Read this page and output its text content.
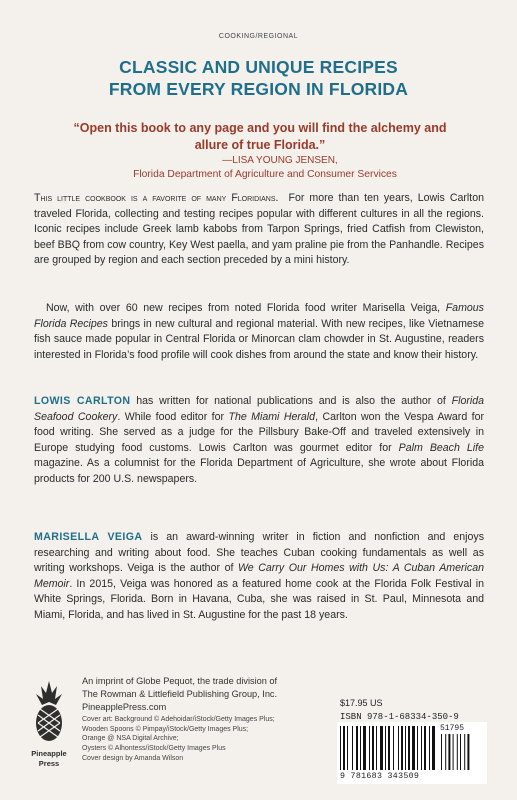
COOKING/REGIONAL
CLASSIC AND UNIQUE RECIPES
FROM EVERY REGION IN FLORIDA
“Open this book to any page and you will find the alchemy and allure of true Florida.”
—LISA YOUNG JENSEN,
Florida Department of Agriculture and Consumer Services
This little cookbook is a favorite of many Floridians. For more than ten years, Lowis Carlton traveled Florida, collecting and testing recipes popular with different cultures in all the regions. Iconic recipes include Greek lamb kabobs from Tarpon Springs, fried Catfish from Clewiston, beef BBQ from cow country, Key West paella, and yam praline pie from the Panhandle. Recipes are grouped by region and each section preceded by a mini history.
Now, with over 60 new recipes from noted Florida food writer Marisella Veiga, Famous Florida Recipes brings in new cultural and regional material. With new recipes, like Vietnamese fish sauce made popular in Central Florida or Minorcan clam chowder in St. Augustine, readers interested in Florida’s food profile will cook dishes from around the state and know their history.
LOWIS CARLTON has written for national publications and is also the author of Florida Seafood Cookery. While food editor for The Miami Herald, Carlton won the Vespa Award for food writing. She served as a judge for the Pillsbury Bake-Off and traveled extensively in Europe studying food customs. Lowis Carlton was gourmet editor for Palm Beach Life magazine. As a columnist for the Florida Department of Agriculture, she wrote about Florida products for 200 U.S. newspapers.
MARISELLA VEIGA is an award-winning writer in fiction and nonfiction and enjoys researching and writing about food. She teaches Cuban cooking fundamentals as well as writing workshops. Veiga is the author of We Carry Our Homes with Us: A Cuban American Memoir. In 2015, Veiga was honored as a featured home cook at the Florida Folk Festival in White Springs, Florida. Born in Havana, Cuba, she was raised in St. Paul, Minnesota and Miami, Florida, and has lived in St. Augustine for the past 18 years.
Pineapple
Press
An imprint of Globe Pequot, the trade division of
The Rowman & Littlefield Publishing Group, Inc.
PineapplePress.com
Cover art: Background © Adehoidar/iStock/Getty Images Plus;
Wooden Spoons © Pimpay/iStock/Getty Images Plus;
Orange @ NSA Digital Archive;
Oysters © Alhontess/iStock/Getty Images Plus
Cover design by Amanda Wilson
$17.95 US
ISBN 978-1-68334-350-9
51795
9 781683 343509
